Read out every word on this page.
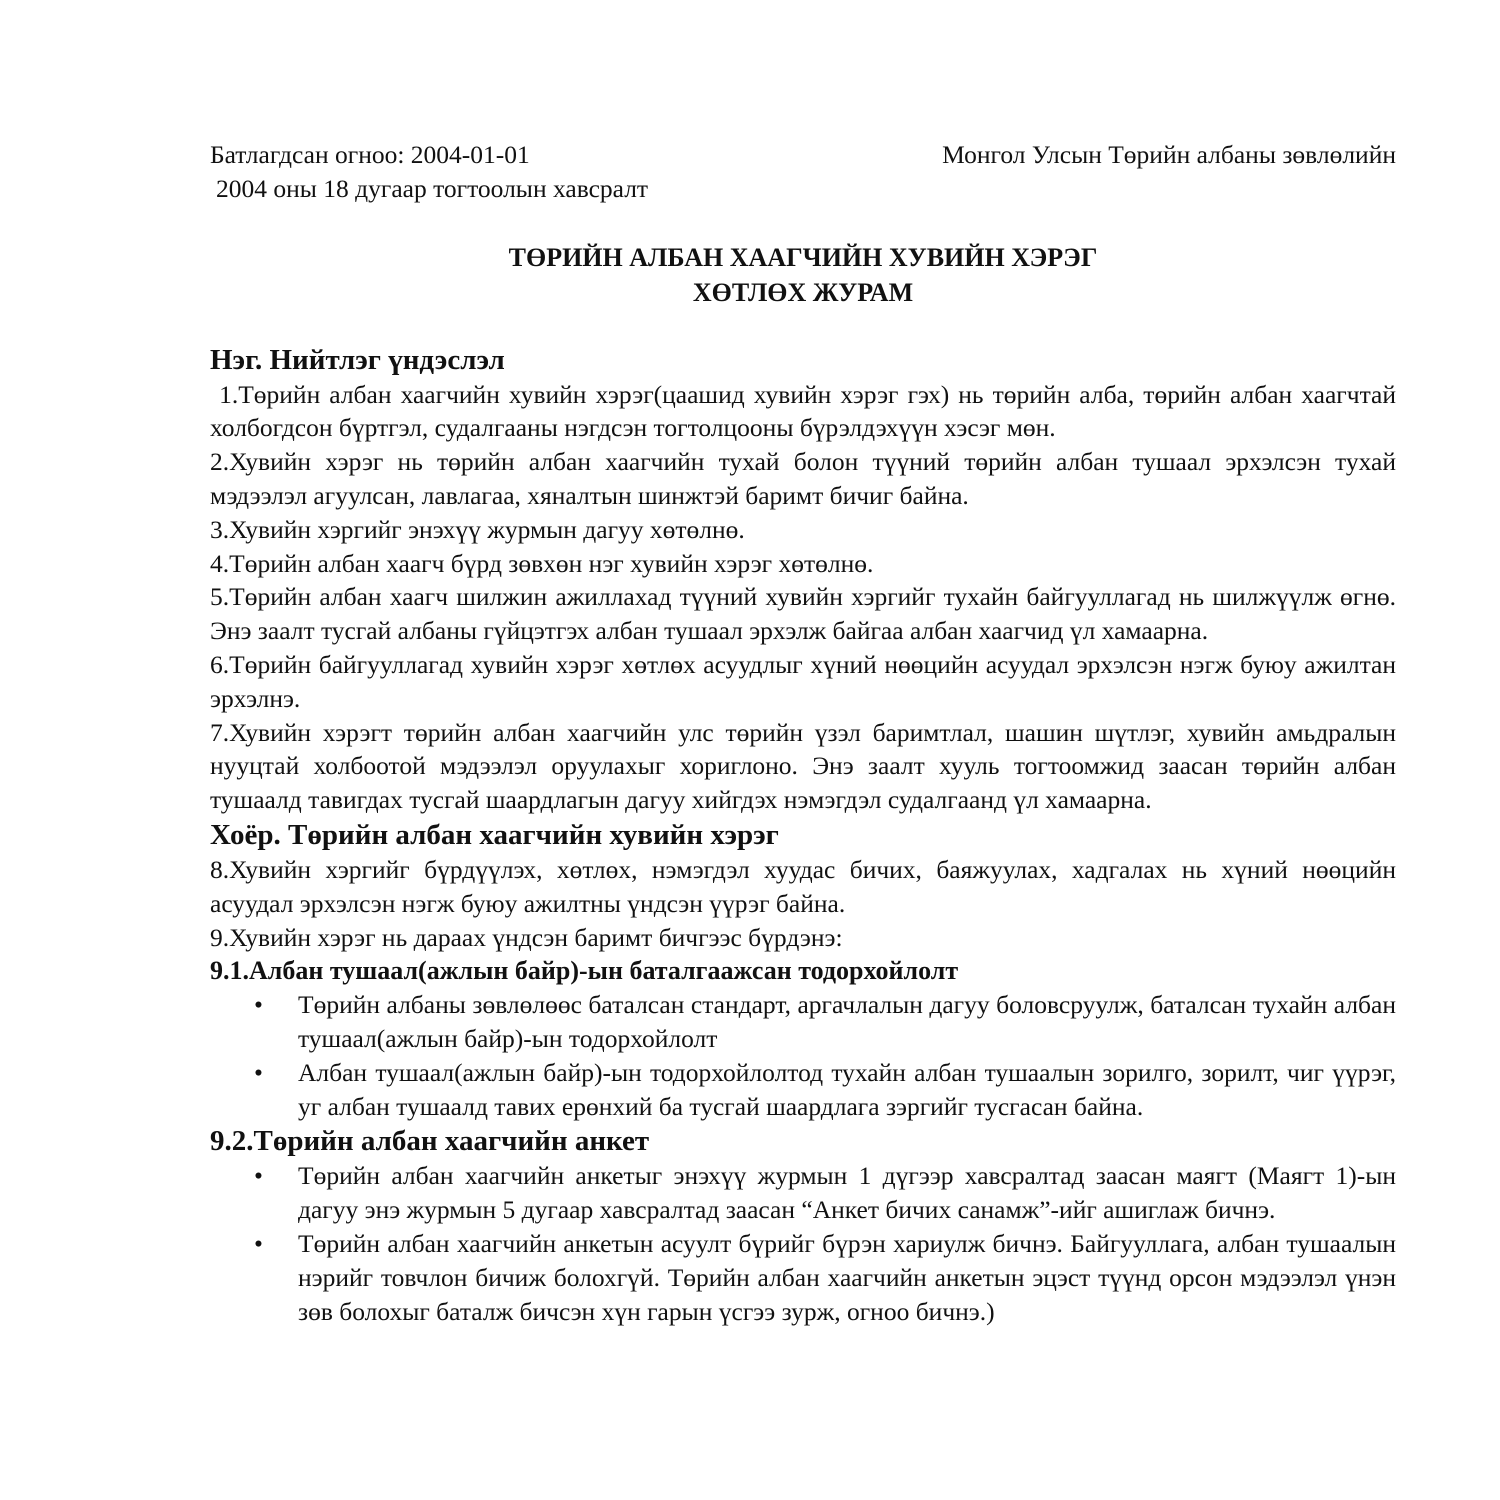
Батлагдсан огноо: 2004-01-01	Монгол Улсын Төрийн албаны зөвлөлийн
2004 оны 18 дугаар тогтоолын хавсралт
ТӨРИЙН АЛБАН ХААГЧИЙН ХУВИЙН ХЭРЭГ
ХӨТЛӨХ ЖУРАМ
Нэг. Нийтлэг үндэслэл

1.Төрийн албан хаагчийн хувийн хэрэг(цаашид хувийн хэрэг гэх) нь төрийн алба, төрийн албан хаагчтай холбогдсон бүртгэл, судалгааны нэгдсэн тогтолцооны бүрэлдэхүүн хэсэг мөн.

2.Хувийн хэрэг нь төрийн албан хаагчийн тухай болон түүний төрийн албан тушаал эрхэлсэн тухай мэдээлэл агуулсан, лавлагаа, хяналтын шинжтэй баримт бичиг байна.

3.Хувийн хэргийг энэхүү журмын дагуу хөтөлнө.

4.Төрийн албан хаагч бүрд зөвхөн нэг хувийн хэрэг хөтөлнө.

5.Төрийн албан хаагч шилжин ажиллахад түүний хувийн хэргийг тухайн байгууллагад нь шилжүүлж өгнө. Энэ заалт тусгай албаны гүйцэтгэх албан тушаал эрхэлж байгаа албан хаагчид үл хамаарна.

6.Төрийн байгууллагад хувийн хэрэг хөтлөх асуудлыг хүний нөөцийн асуудал эрхэлсэн нэгж буюу ажилтан эрхэлнэ.

7.Хувийн хэрэгт төрийн албан хаагчийн улс төрийн үзэл баримтлал, шашин шүтлэг, хувийн амьдралын нууцтай холбоотой мэдээлэл оруулахыг хориглоно. Энэ заалт хууль тогтоомжид заасан төрийн албан тушаалд тавигдах тусгай шаардлагын дагуу хийгдэх нэмэгдэл судалгаанд үл хамаарна.

Хоёр. Төрийн албан хаагчийн хувийн хэрэг

8.Хувийн хэргийг бүрдүүлэх, хөтлөх, нэмэгдэл хуудас бичих, баяжуулах, хадгалах нь хүний нөөцийн асуудал эрхэлсэн нэгж буюу ажилтны үндсэн үүрэг байна.

9.Хувийн хэрэг нь дараах үндсэн баримт бичгээс бүрдэнэ:

9.1.Албан тушаал(ажлын байр)-ын баталгаажсан тодорхойлолт
• Төрийн албаны зөвлөлөөс баталсан стандарт, аргачлалын дагуу боловсруулж, баталсан тухайн албан тушаал(ажлын байр)-ын тодорхойлолт
• Албан тушаал(ажлын байр)-ын тодорхойлолтод тухайн албан тушаалын зорилго, зорилт, чиг үүрэг, уг албан тушаалд тавих ерөнхий ба тусгай шаардлага зэргийг тусгасан байна.
9.2.Төрийн албан хаагчийн анкет
• Төрийн албан хаагчийн анкетыг энэхүү журмын 1 дүгээр хавсралтад заасан маягт (Маягт 1)-ын дагуу энэ журмын 5 дугаар хавсралтад заасан “Анкет бичих санамж”-ийг ашиглаж бичнэ.
• Төрийн албан хаагчийн анкетын асуулт бүрийг бүрэн хариулж бичнэ. Байгууллага, албан тушаалын нэрийг товчлон бичиж болохгүй. Төрийн албан хаагчийн анкетын эцэст түүнд орсон мэдээлэл үнэн зөв болохыг баталж бичсэн хүн гарын үсгээ зурж, огноо бичнэ.)
